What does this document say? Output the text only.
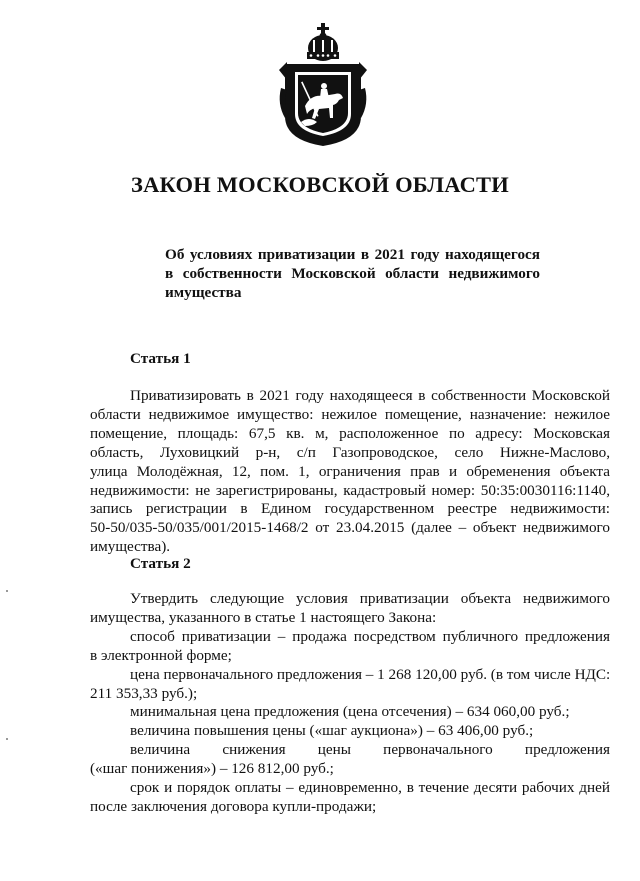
ЗАКОН МОСКОВСКОЙ ОБЛАСТИ
Об условиях приватизации в 2021 году находящегося
в собственности Московской области недвижимого
имущества
Статья 1
Приватизировать в 2021 году находящееся в собственности Московской
области недвижимое имущество: нежилое помещение, назначение: нежилое
помещение, площадь: 67,5 кв. м, расположенное по адресу: Московская
область, Луховицкий р-н, с/п Газопроводское, село Нижне-Маслово,
улица Молодёжная, 12, пом. 1, ограничения прав и обременения объекта
недвижимости: не зарегистрированы, кадастровый номер: 50:35:0030116:1140,
запись регистрации в Едином государственном реестре недвижимости:
50-50/035-50/035/001/2015-1468/2 от 23.04.2015 (далее – объект недвижимого
имущества).
Статья 2
Утвердить следующие условия приватизации объекта недвижимого
имущества, указанного в статье 1 настоящего Закона:
способ приватизации – продажа посредством публичного предложения
в электронной форме;
цена первоначального предложения – 1 268 120,00 руб. (в том числе НДС:
211 353,33 руб.);
минимальная цена предложения (цена отсечения) – 634 060,00 руб.;
величина повышения цены («шаг аукциона») – 63 406,00 руб.;
величина снижения цены первоначального предложения
(«шаг понижения») – 126 812,00 руб.;
срок и порядок оплаты – единовременно, в течение десяти рабочих дней
после заключения договора купли-продажи;
